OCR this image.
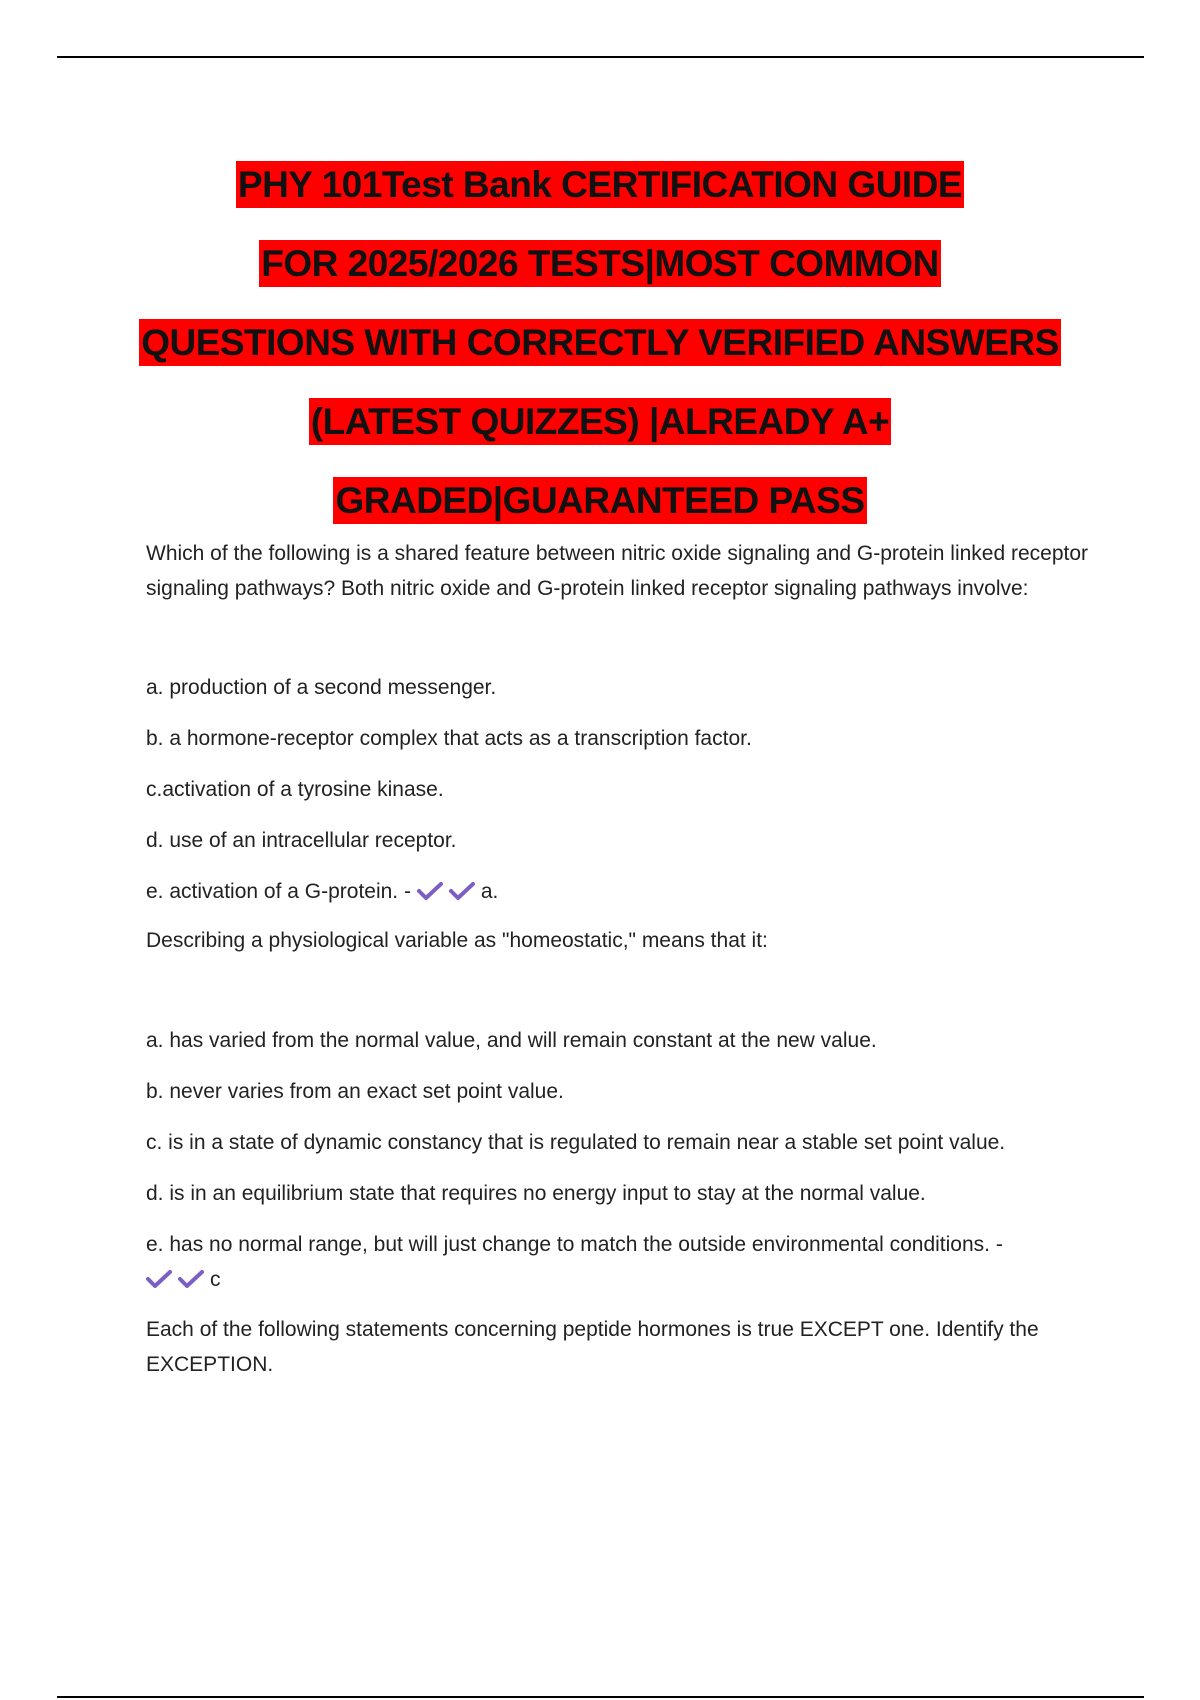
PHY 101Test Bank CERTIFICATION GUIDE
FOR 2025/2026 TESTS|MOST COMMON
QUESTIONS WITH CORRECTLY VERIFIED ANSWERS
(LATEST QUIZZES) |ALREADY A+
GRADED|GUARANTEED PASS

Which of the following is a shared feature between nitric oxide signaling and G-protein linked receptor signaling pathways? Both nitric oxide and G-protein linked receptor signaling pathways involve:

a. production of a second messenger.

b. a hormone-receptor complex that acts as a transcription factor.

c.activation of a tyrosine kinase.

d. use of an intracellular receptor.

e. activation of a G-protein. -	a.

Describing a physiological variable as "homeostatic," means that it:

a. has varied from the normal value, and will remain constant at the new value.

b. never varies from an exact set point value.

c. is in a state of dynamic constancy that is regulated to remain near a stable set point value.

d. is in an equilibrium state that requires no energy input to stay at the normal value.

e. has no normal range, but will just change to match the outside environmental conditions. -

c

Each of the following statements concerning peptide hormones is true EXCEPT one. Identify the EXCEPTION.
